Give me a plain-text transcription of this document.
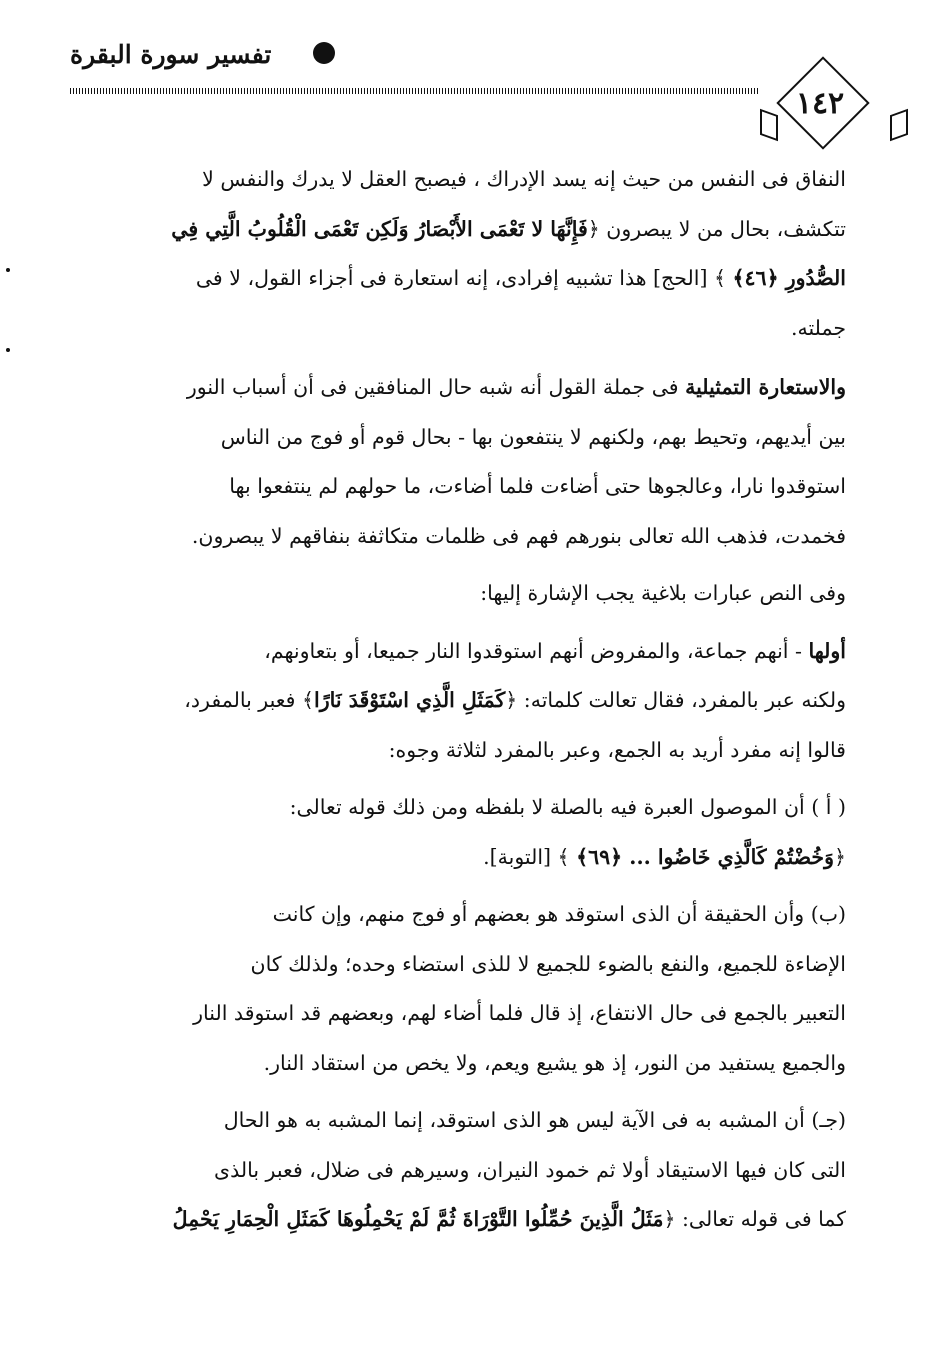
تفسير سورة البقرة
١٤٢

النفاق فى النفس من حيث إنه يسد الإدراك ، فيصبح العقل لا يدرك والنفس لا
تتكشف، بحال من لا يبصرون ﴿فَإِنَّهَا لا تَعْمَى الأَبْصَارُ وَلَكِن تَعْمَى الْقُلُوبُ الَّتِي فِي
الصُّدُورِ ﴿٤٦﴾ ﴾ [الحج] هذا تشبيه إفرادى، إنه استعارة فى أجزاء القول، لا فى
جملته.

والاستعارة التمثيلية فى جملة القول أنه شبه حال المنافقين فى أن أسباب النور
بين أيديهم، وتحيط بهم، ولكنهم لا ينتفعون بها - بحال قوم أو فوج من الناس
استوقدوا نارا، وعالجوها حتى أضاءت فلما أضاءت، ما حولهم لم ينتفعوا بها
فخمدت، فذهب الله تعالى بنورهم فهم فى ظلمات متكاثفة بنفاقهم لا يبصرون.

وفى النص عبارات بلاغية يجب الإشارة إليها:

أولها - أنهم جماعة، والمفروض أنهم استوقدوا النار جميعا، أو بتعاونهم،
ولكنه عبر بالمفرد، فقال تعالت كلماته: ﴿كَمَثَلِ الَّذِي اسْتَوْقَدَ نَارًا﴾ فعبر بالمفرد،
قالوا إنه مفرد أريد به الجمع، وعبر بالمفرد لثلاثة وجوه:

( أ ) أن الموصول العبرة فيه بالصلة لا بلفظه ومن ذلك قوله تعالى:
﴿وَخُضْتُمْ كَالَّذِي خَاضُوا ... ﴿٦٩﴾ ﴾ [التوبة].

(ب) وأن الحقيقة أن الذى استوقد هو بعضهم أو فوج منهم، وإن كانت
الإضاءة للجميع، والنفع بالضوء للجميع لا للذى استضاء وحده؛ ولذلك كان
التعبير بالجمع فى حال الانتفاع، إذ قال فلما أضاء لهم، وبعضهم قد استوقد النار
والجميع يستفيد من النور، إذ هو يشيع ويعم، ولا يخص من استقاد النار.

(جـ) أن المشبه به فى الآية ليس هو الذى استوقد، إنما المشبه به هو الحال
التى كان فيها الاستيقاد أولا ثم خمود النيران، وسيرهم فى ضلال، فعبر بالذى
كما فى قوله تعالى: ﴿مَثَلُ الَّذِينَ حُمِّلُوا التَّوْرَاةَ ثُمَّ لَمْ يَحْمِلُوهَا كَمَثَلِ الْحِمَارِ يَحْمِلُ
